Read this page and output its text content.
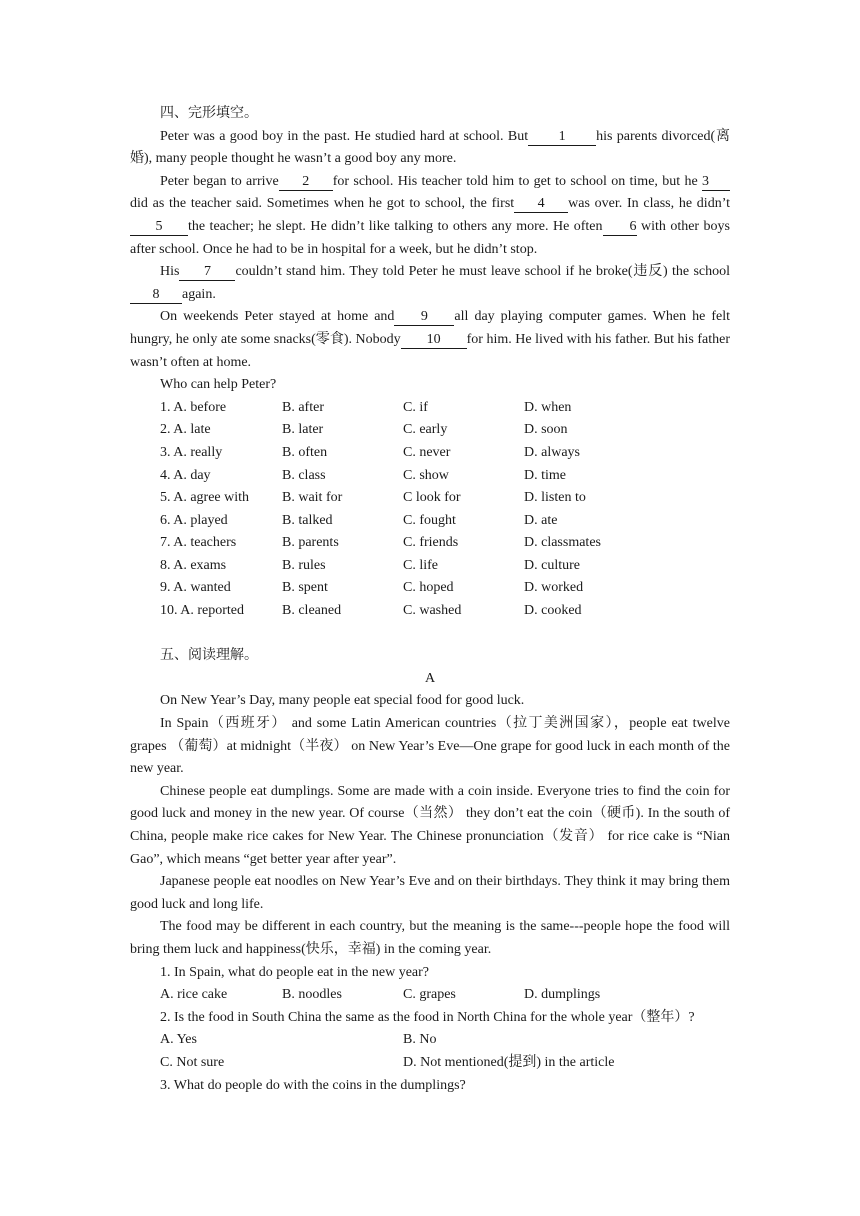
四、完形填空。

Peter was a good boy in the past. He studied hard at school. But 1 his parents divorced(离婚), many people thought he wasn’t a good boy any more.

Peter began to arrive 2 for school. His teacher told him to get to school on time, but he 3did as the teacher said. Sometimes when he got to school, the first 4 was over. In class, he didn’t5 the teacher; he slept. He didn’t like talking to others any more. He often 6 with other boys after school. Once he had to be in hospital for a week, but he didn’t stop.

His 7 couldn’t stand him. They told Peter he must leave school if he broke(违反) the school8 again.

On weekends Peter stayed at home and 9 all day playing computer games. When he felt hungry, he only ate some snacks(零食). Nobody 10 for him. He lived with his father. But his father wasn’t often at home.

Who can help Peter?

1. A. before	B. after	C. if	D. when
2. A. late	B. later	C. early	D. soon
3. A. really	B. often	C. never	D. always
4. A. day	B. class	C. show	D. time
5. A. agree with	B. wait for	C look for	D. listen to
6. A. played	B. talked	C. fought	D. ate
7. A. teachers	B. parents	C. friends	D. classmates
8. A. exams	B. rules	C. life	D. culture
9. A. wanted	B. spent	C. hoped	D. worked
10. A. reported	B. cleaned	C. washed	D. cooked

五、阅读理解。

A

On New Year’s Day, many people eat special food for good luck.

In Spain（西班牙） and some Latin American countries（拉丁美洲国家），people eat twelve grapes （葡萄）at midnight（半夜） on New Year’s Eve—One grape for good luck in each month of the new year.

Chinese people eat dumplings. Some are made with a coin inside. Everyone tries to find the coin for good luck and money in the new year. Of course（当然） they don’t eat the coin（硬币). In the south of China, people make rice cakes for New Year. The Chinese pronunciation（发音） for rice cake is “Nian Gao”, which means “get better year after year”.

Japanese people eat noodles on New Year’s Eve and on their birthdays. They think it may bring them good luck and long life.

The food may be different in each country, but the meaning is the same---people hope the food will bring them luck and happiness(快乐，幸福) in the coming year.

1. In Spain, what do people eat in the new year?

A. rice cake	B. noodles	C. grapes	D. dumplings

2. Is the food in South China the same as the food in North China for the whole year（整年）?

A. Yes	B. No
C. Not sure	D. Not mentioned(提到) in the article

3. What do people do with the coins in the dumplings?
